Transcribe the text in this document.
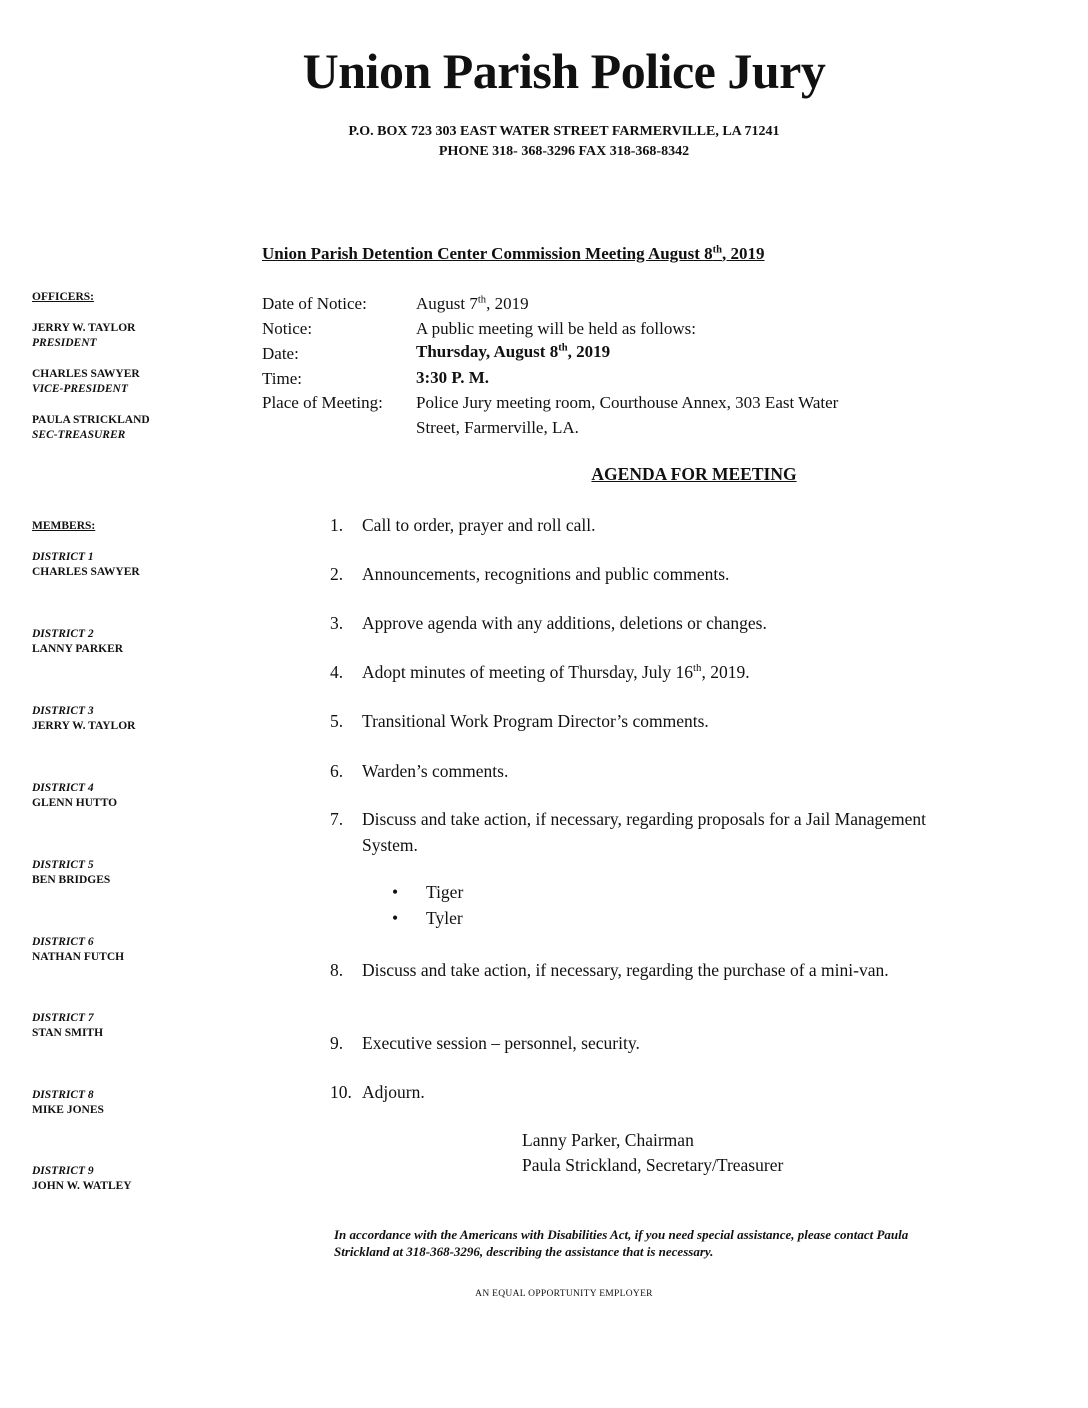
Union Parish Police Jury
P.O. BOX 723 303 EAST WATER STREET FARMERVILLE, LA 71241
PHONE 318- 368-3296 FAX 318-368-8342
Union Parish Detention Center Commission Meeting August 8th, 2019
OFFICERS:
JERRY W. TAYLOR
PRESIDENT
CHARLES SAWYER
VICE-PRESIDENT
PAULA STRICKLAND
SEC-TREASURER
MEMBERS:
DISTRICT 1
CHARLES SAWYER
DISTRICT 2
LANNY PARKER
DISTRICT 3
JERRY W. TAYLOR
DISTRICT 4
GLENN HUTTO
DISTRICT 5
BEN BRIDGES
DISTRICT 6
NATHAN FUTCH
DISTRICT 7
STAN SMITH
DISTRICT 8
MIKE JONES
DISTRICT 9
JOHN W. WATLEY
Date of Notice:	August 7th, 2019
Notice:	A public meeting will be held as follows:
Date:	Thursday, August 8th, 2019
Time:	3:30 P. M.
Place of Meeting: Police Jury meeting room, Courthouse Annex, 303 East Water
Street, Farmerville, LA.
AGENDA FOR MEETING
1.	Call to order, prayer and roll call.
2.	Announcements, recognitions and public comments.
3.	Approve agenda with any additions, deletions or changes.
4.	Adopt minutes of meeting of Thursday, July 16th, 2019.
5.	Transitional Work Program Director’s comments.
6.	Warden’s comments.
7.	Discuss and take action, if necessary, regarding proposals for a Jail Management System.
•	Tiger
•	Tyler
8.	Discuss and take action, if necessary, regarding the purchase of a mini-van.
9.	Executive session – personnel, security.
10. Adjourn.
Lanny Parker, Chairman
Paula Strickland, Secretary/Treasurer
In accordance with the Americans with Disabilities Act, if you need special assistance, please contact Paula Strickland at 318-368-3296, describing the assistance that is necessary.
AN EQUAL OPPORTUNITY EMPLOYER
